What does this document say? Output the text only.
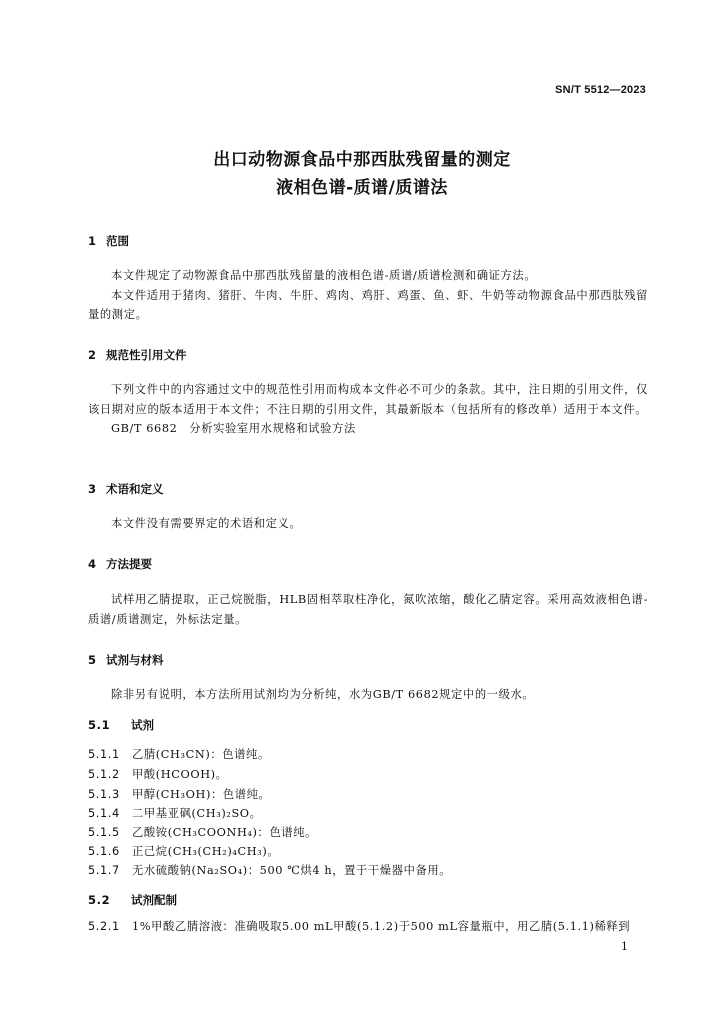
SN/T 5512—2023
出口动物源食品中那西肽残留量的测定
液相色谱-质谱/质谱法
1 范围

本文件规定了动物源食品中那西肽残留量的液相色谱-质谱/质谱检测和确证方法。

本文件适用于猪肉、猪肝、牛肉、牛肝、鸡肉、鸡肝、鸡蛋、鱼、虾、牛奶等动物源食品中那西肽残留量的测定。

2 规范性引用文件

下列文件中的内容通过文中的规范性引用而构成本文件必不可少的条款。其中，注日期的引用文件，仅该日期对应的版本适用于本文件；不注日期的引用文件，其最新版本（包括所有的修改单）适用于本文件。

GB/T 6682　分析实验室用水规格和试验方法

3 术语和定义

本文件没有需要界定的术语和定义。

4 方法提要

试样用乙腈提取，正己烷脱脂，HLB固相萃取柱净化，氮吹浓缩，酸化乙腈定容。采用高效液相色谱-质谱/质谱测定，外标法定量。

5 试剂与材料

除非另有说明，本方法所用试剂均为分析纯，水为GB/T 6682规定中的一级水。

5.1 试剂
5.1.1 乙腈(CH₃CN)：色谱纯。
5.1.2 甲酸(HCOOH)。
5.1.3 甲醇(CH₃OH)：色谱纯。
5.1.4 二甲基亚砜(CH₃)₂SO。
5.1.5 乙酸铵(CH₃COONH₄)：色谱纯。
5.1.6 正己烷(CH₃(CH₂)₄CH₃)。
5.1.7 无水硫酸钠(Na₂SO₄)：500 ℃烘4 h，置于干燥器中备用。
5.2 试剂配制
5.2.1 1%甲酸乙腈溶液：准确吸取5.00 mL甲酸(5.1.2)于500 mL容量瓶中，用乙腈(5.1.1)稀释到
1
